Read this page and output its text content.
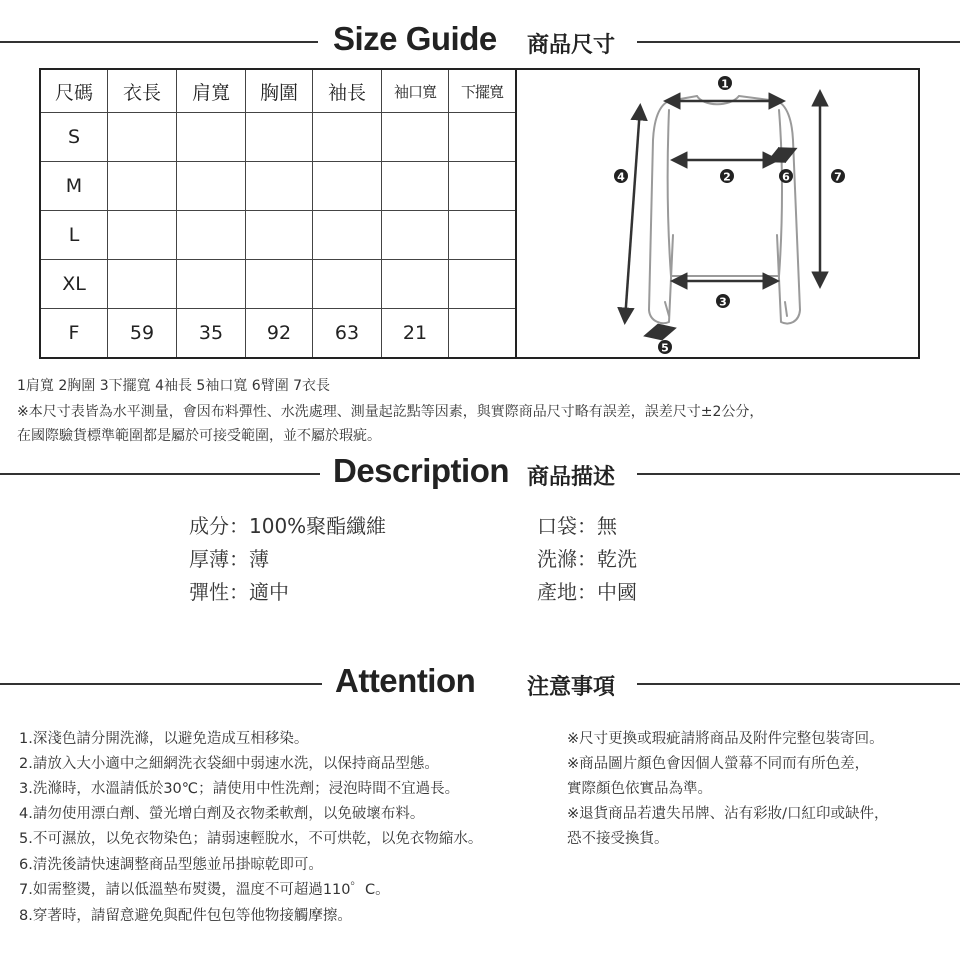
Size Guide 商品尺寸
尺碼	衣長	肩寬	胸圍	袖長	袖口寬	下擺寬
S						
M						
L						
XL						
F	59	35	92	63	21	
1
2
3
4
5
6	7
1肩寬 2胸圍 3下擺寬 4袖長 5袖口寬 6臂圍 7衣長
※本尺寸表皆為水平測量，會因布料彈性、水洗處理、測量起訖點等因素，與實際商品尺寸略有誤差，誤差尺寸±2公分，
在國際驗貨標準範圍都是屬於可接受範圍，並不屬於瑕疵。
Description 商品描述
成分：100%聚酯纖維
厚薄：薄
彈性：適中
口袋：無
洗滌：乾洗
產地：中國
Attention 注意事項
1.深淺色請分開洗滌，以避免造成互相移染。
2.請放入大小適中之細網洗衣袋細中弱速水洗，以保持商品型態。
3.洗滌時，水溫請低於30℃；請使用中性洗劑；浸泡時間不宜過長。
4.請勿使用漂白劑、螢光增白劑及衣物柔軟劑，以免破壞布料。
5.不可濕放，以免衣物染色；請弱速輕脫水，不可烘乾，以免衣物縮水。
6.清洗後請快速調整商品型態並吊掛晾乾即可。
7.如需整燙，請以低溫墊布熨燙，溫度不可超過110゜C。
8.穿著時，請留意避免與配件包包等他物接觸摩擦。
※尺寸更換或瑕疵請將商品及附件完整包裝寄回。
※商品圖片顏色會因個人螢幕不同而有所色差，
實際顏色依實品為準。
※退貨商品若遺失吊牌、沾有彩妝/口紅印或缺件，
恐不接受換貨。
